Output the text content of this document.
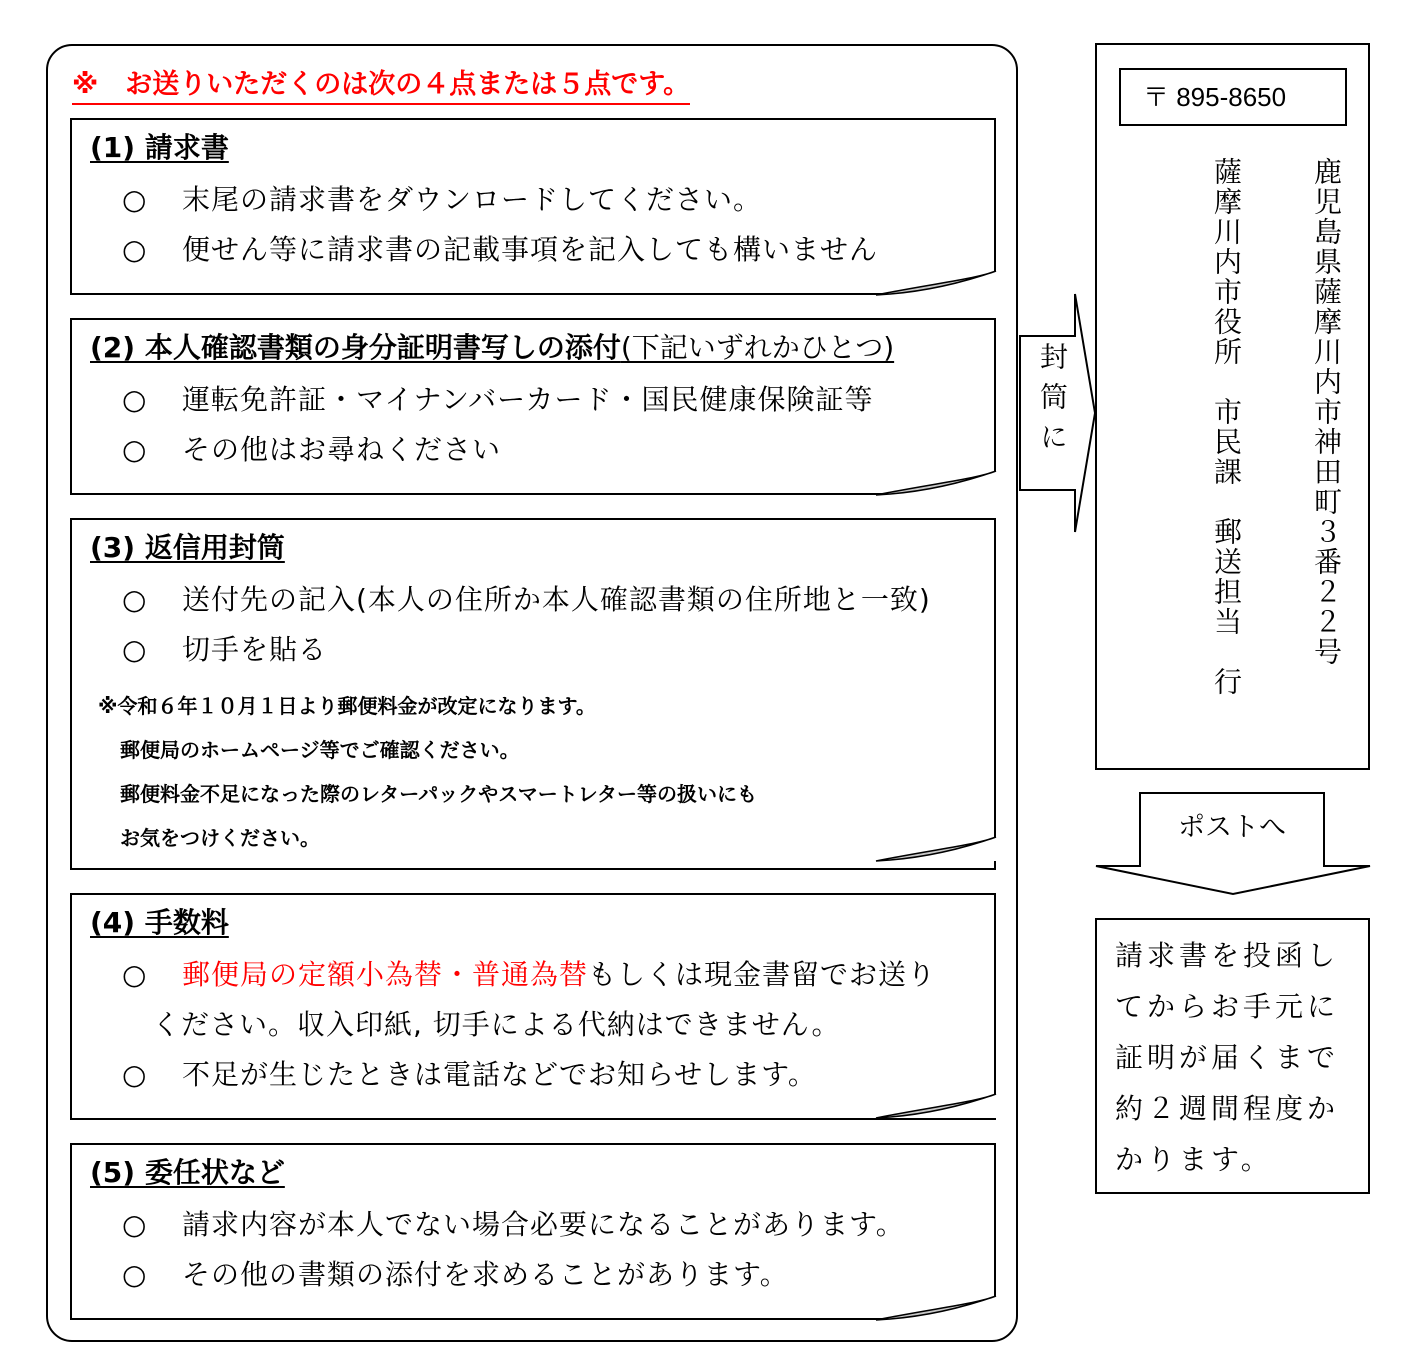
※　お送りいただくのは次の４点または５点です。
(1) 請求書
○ 末尾の請求書をダウンロードしてください。
○ 便せん等に請求書の記載事項を記入しても構いません
(2) 本人確認書類の身分証明書写しの添付(下記いずれかひとつ)
○ 運転免許証・マイナンバーカード・国民健康保険証等
○ その他はお尋ねください
(3) 返信用封筒
○ 送付先の記入(本人の住所か本人確認書類の住所地と一致)
○ 切手を貼る
※令和６年１０月１日より郵便料金が改定になります。
郵便局のホームページ等でご確認ください。
郵便料金不足になった際のレターパックやスマートレター等の扱いにも
お気をつけください。
(4) 手数料
○ 郵便局の定額小為替・普通為替もしくは現金書留でお送り
ください。収入印紙, 切手による代納はできません。
○ 不足が生じたときは電話などでお知らせします。
(5) 委任状など
○ 請求内容が本人でない場合必要になることがあります。
○ その他の書類の添付を求めることがあります。
封筒に
〒 895-8650
鹿児島県薩摩川内市神田町３番２２号
薩摩川内市役所　市民課　郵送担当　行
ポストへ
請求書を投函してからお手元に証明が届くまで約２週間程度かかります。
